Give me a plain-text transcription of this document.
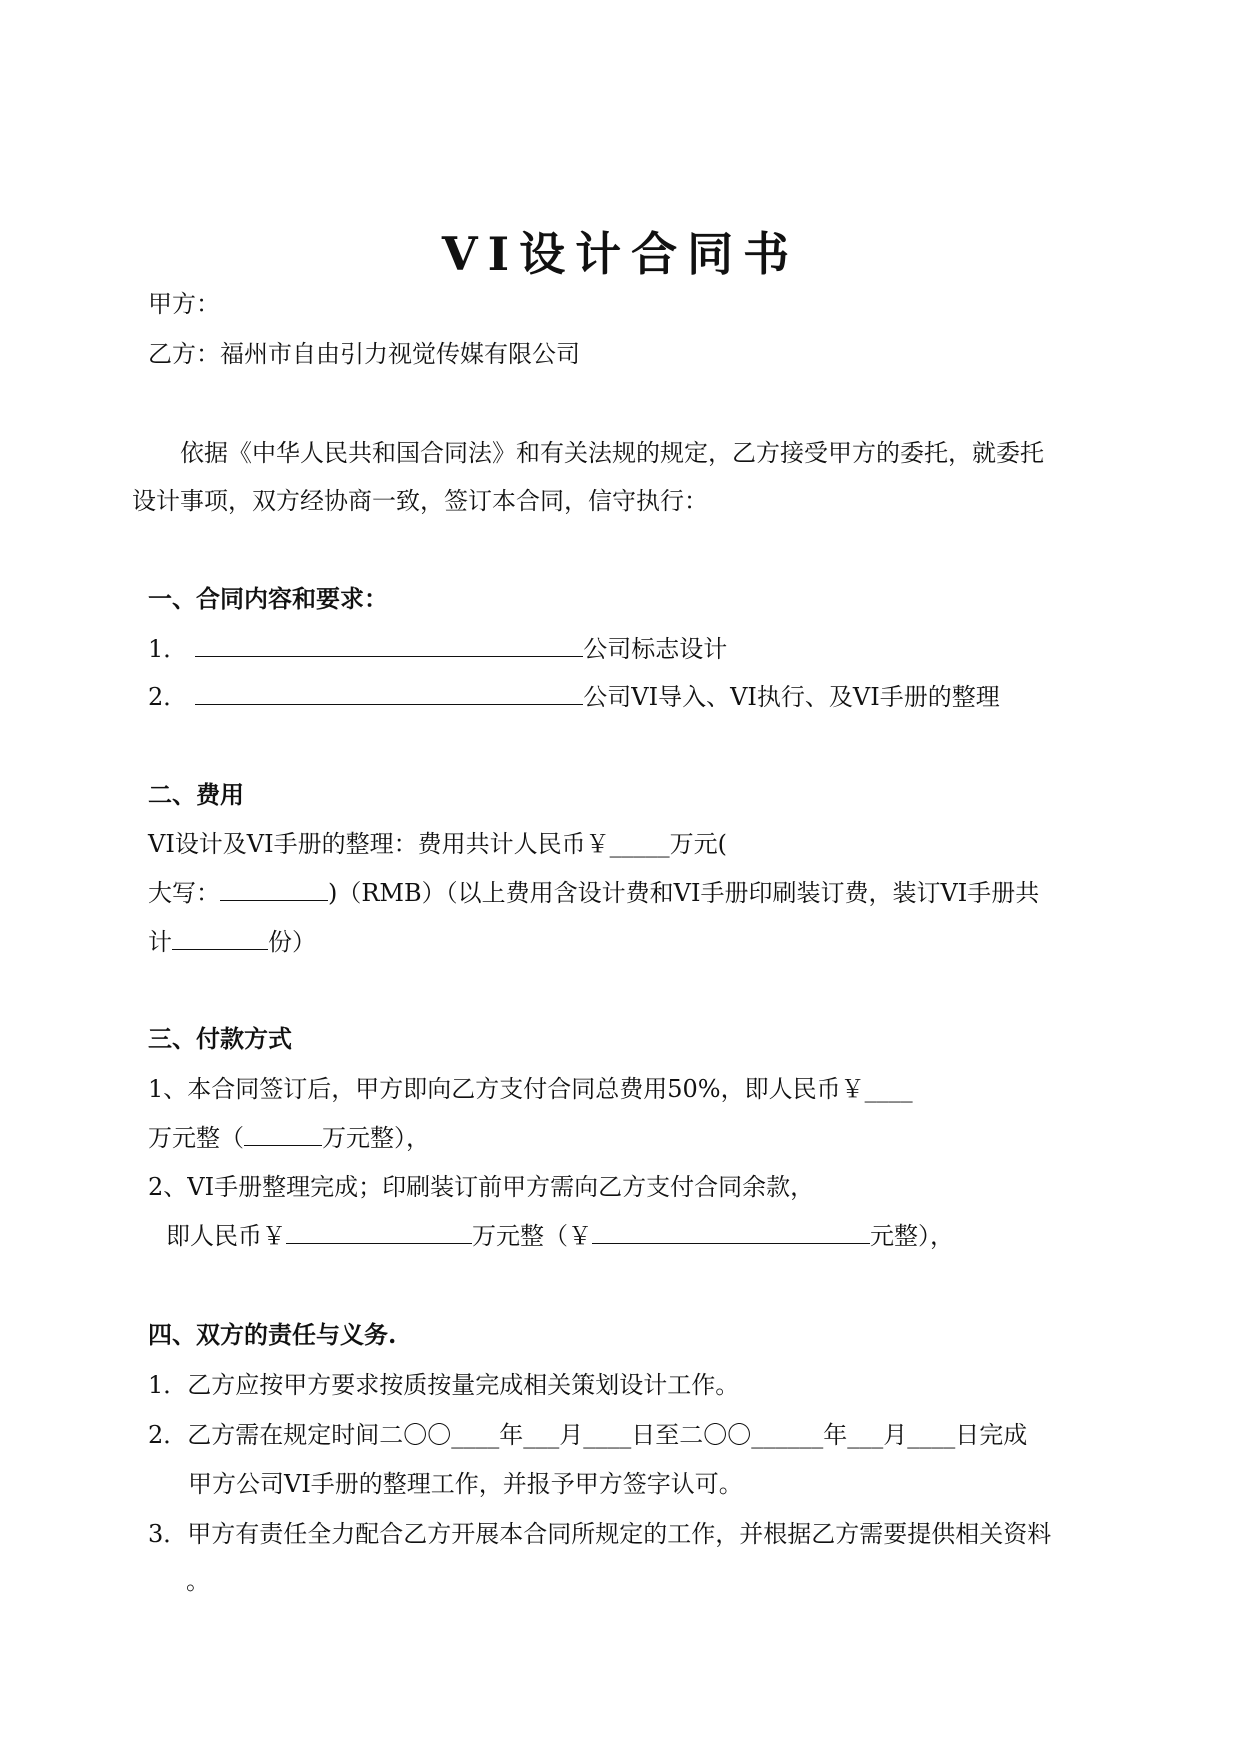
VI设计合同书

甲方：

乙方：福州市自由引力视觉传媒有限公司

依据《中华人民共和国合同法》和有关法规的规定，乙方接受甲方的委托，就委托

设计事项，双方经协商一致，签订本合同，信守执行：

一、合同内容和要求：

1．	公司标志设计

2．	公司VI导入、VI执行、及VI手册的整理

二、费用

VI设计及VI手册的整理：费用共计人民币￥_____万元(

大写：	)（RMB）（以上费用含设计费和VI手册印刷装订费，装订VI手册共

计	份）

三、付款方式

1、本合同签订后，甲方即向乙方支付合同总费用50%，即人民币￥____

万元整（	万元整），

2、VI手册整理完成；印刷装订前甲方需向乙方支付合同余款，

即人民币￥	万元整（￥	元整），

四、双方的责任与义务.

1．乙方应按甲方要求按质按量完成相关策划设计工作。

2．乙方需在规定时间二〇〇____年___月____日至二〇〇______年___月____日完成

甲方公司VI手册的整理工作，并报予甲方签字认可。

3．甲方有责任全力配合乙方开展本合同所规定的工作，并根据乙方需要提供相关资料

。
